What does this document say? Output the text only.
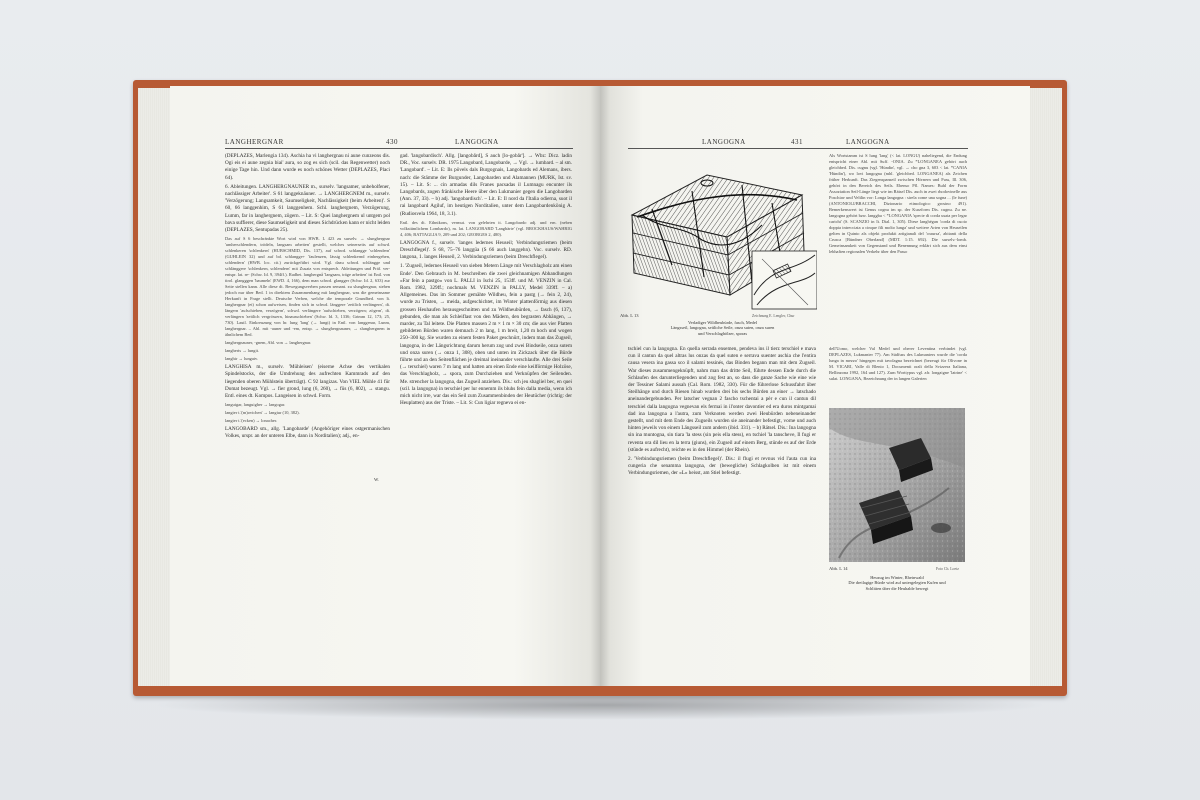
LANGHERGNAR	430	LANGOGNA
(DEPLAZES, Marlengia 134). Aschia ha vi langhergnau ni aune cunzeons dis. Ogi eis ei aune zegnia biai' aura, so zog es sich (scil. das Regenwetter) noch einige Tage hin. Und dann wurde es noch schönes Wetter (DEPLAZES, Placi 64).
6. Ableitungen. LANGHERGNAUNER m., surselv. 'langsamer, unbeholfener, nachlässiger Arbeiter'. S 61 langgeknäuner. → LANGHERGNEM m., surselv. 'Verzögerung; Langsamkeit, Saumseligkeit, Nachlässigkeit (beim Arbeiten)'. S 60, 66 langgenhim, S 61 langgenhem. Schl. langhergnem, Verzögerung, Lumm, far in langhergnem, zögern. – Lit. S: Quei langhergnem ul untgem pol bava suffierer, diese Saumseligkeit und dieses Sichdrücken kann er nicht leiden (DEPLAZES, Sentupadas 25).
Das auf S 6 beschränkte Wort wird von HWB. L 423 zu surselv. → slunghergnar 'umherschlendern, trödeln, langsam arbeiten' gestellt, welches seinerseits auf schwd. schlenkeren 'schlenkern' (HUBSCHMID, Dis. 137), auf schwd. schlangge 'schlendern' (GUHLEIN 32) und auf bd. schlangge+ 'faulenzen, lässig schlenkernd einhergehen, schlendern' (HWB. loc. cit.) zurückgeführt wird. Vgl. dazu schwd. schlängge und schlänggere 'schlenkern, schlendern' mit Zusatz von entsprech. Ableitungen und Präf. ver- entspr. lat. re- (Schw. Id. 9, 394ff.). Radbet. langhergnå 'langsam, träge arbeiten' ist Entl. von tirol. glangggen 'baumeln' (EWD. 4, 166), dem man schwd. glangger (Schw. Id. 2, 633) zur Seite stellen kann. Alle diese dt. Bewegungsverben passen semant. zu slunghergnar, stehen jedoch nur über Bed. 1 in direktem Zusammenhang mit langhergnar, was die gemeinsame Herkunft in Frage stellt. Deutsche Verben, welche die temporale Grundbed. von lt. langhergnar (et) schon aufweisen, finden sich in schwd. länggere 'zeitlich verlängern', dt. längern 'aufschieben, verzögern', schwd. verlängere 'aufschieben, verzögern; zögern', dt. verlängern 'zeitlich vergrössern, hinausschieben' (Schw. Id. 3, 1336; Grimm 12, 173; 25, 730). Lautl. Einkreuzung von hr. lung 'lang' (→ lungt) in Entl. von langgenar, Lunm, langhergnar. – Abl. mit -auner und -em, entsp. → slunghergnauner, → slunghergnem in ähnlichem Bed.
langhergnauner, -gnem, Abl. von → langhergnar.
langheris → lungit.
langhir → lungaiv.
LANGHISA m., surselv. 'Mühleisen' (eiserne Achse des vertikalen Spindelstocks, der die Umdrehung des aufrechten Kammrads auf den liegenden oberen Mühlstein überträgt). C 92 langizas. Von VIEL Mühle 41 für Domat bezeugt. Vgl. → fier grond, lung (6, 260), → füs (6, 802), → stangu. Entl. eines dt. Kompos. Langeisen in schwd. Form.
languigar, languigher → langogar.
langier t.'(m)ovichen' → langiur (10, 382).
langier t.'(ecken) → lonacher.
LANGOBARD sm., allg. 'Langobarde' (Angehöriger eines ostgermanischen Volkes, urspr. an der unteren Elbe, dann in Norditalien); adj., en-
gad. 'langobardisch'. Allg. [langobård], S auch [lo-gobår']. → Wbz: Dicz. ladin DR., Voc. surselv. DR. 1975 Langobard, Langobarde, → Vgl. → lumbard. – al sm. 'Langobard'. – Lit. E: Ils pövels dals Burgognais, Langobards ed Alemans, ibers. nach: die Stämme der Burgunder, Langobarden und Alamannen (MURK, Ist. sv. 15). – Lit. S: ... cin armadas dils Franes pacsadas il Lumnagu encunter ils Langobards, zogen fränkische Heere über den Lukmanier gegen die Langobarden (Ann. 37, 33). – b) adj. 'langobardisch'. – Lit. E: Il nord da l'Italia odierna, suot il rai langobard Agiluf, im heutigen Norditalien, unter dem Langobardenkönig A. (Rudiosvela 1964, 18, 3.1).
Entl. des dt. Ethnikons, vermut. von gelehrten it. Langobardo adj. und ern. (neben volkstümlichem Lombardo), m. lat. LANGOBARD 'Langbärte' (vgl. BROCKHAUS/WAHRIG 4, 406; BATTAGLIA 9, 209 und 202; GEORGES 2, 480).
LANGOGNA f., surselv. 'langes ledernes Heuseil; Verbindungsriemen (beim Dreschflegel)'. S 68, 75–76 langgüa (S 66 auch langgehn). Voc. surselv. RD. langona, 1. langes Heuseil, 2. Verbindungsriemen (beim Dreschflegel).
1. 'Zugseil, ledernes Heuseil von sieben Metern Länge mit Verschlagholz am einen Ende'. Den Gebrauch in M. beschreiben die zwei gleichnamigen Abhandlungen «Far fein a pastgo» von L. PALLI in Ischi 25, 153ff. und M. VENZIN in Cal. Rom. 1982, 329ff.; nochmals M. VENZIN in PALLY, Medel 339ff. – a) Allgemeines. Das im Sommer gemähte Wildheu, fein a pastg (→ fein 2, 24), wurde zu Tristen, → meida, aufgeschichtet, im Winter plattenförmig aus diesen grossen Heuhaufen herausgeschnitten und zu Wildheubürden, → fasch (6, 137), gebunden, die man als Schleiflast von den Mädern, den begrasten Abhängen, → marder, zu Tal leitete. Die Platten massen 2 m × 1 m × 30 cm; die aus vier Platten gebildeten Bürden waren demnach 2 m lang, 1 m breit, 1,20 m hoch und wogen 250–300 kg. Sie wurden zu einem festen Paket geschnürt, indem man das Zugseil, langogna, in der Längsrichtung darum herum zog und zwei Bindseile, onza sutem und onza suren (→ onza 1, 308), oben und unten im Zickzack über die Bürde führte und an den Seitenflächen je dreimal ineinander verschlaufte. Alle drei Seile (→ terschiel) waren 7 m lang und hatten am einen Ende eine keilförmige Holzöse, das Verschlagholz, → spora, zum Durchziehen und Verknüpfen der Seilenden. Me. strencher la langogna, das Zugseil anziehen. Dis.: sch jeu sbagliel bec, en quei (scil. la langogna) in terschiel per lur ennemm ils bluhs fein dalla media, wenn ich mich nicht irre, war das ein Seil zum Zusammenbinden der Heutücher (richtig: der Heuplatten) aus der Triste. – Lit. S: Cun ligiar regneva ei en-
W.
LANGOGNA	431	LANGOGNA
Abb. L 13	Zeichnung E. Lengler, Chur
Verladiger Wildheubürde, fasch, Medel
Längsseil, langogna, seitliche Seile, onza suten, onza suren
und Verschlaghölzer, sporas
tschiel cun la langogna. En quella serrada ensemen, pendeva ins il tierz terschiel e mava cun il cantun da quel altras lus onzas da quel suten e serrava suenter aschia che l'entira causa vesera ina gassa sco il salami tessinés, das Binden begann man mit dem Zugseil. War dieses zusammengeknüpft, nahm man das dritte Seil, führte dessen Ende durch die Schlaufen des darunterliegenden und zog fest an, so dass die ganze Sache wie eine wie der Tessiner Salami aussah (Cal. Rom. 1982, 330). Für die führerlose Schussfahrt über Steilhänge und durch Riesen hinab wurden drei bis sechs Bürden an einer → latschado aneinandergebunden. Per latscher vegnan 2 fascho tschentai a pèr e cun il cantun dil terschiel dalla langogna vegnevan els fermai in il'onter davontier ed era duros mintgamai dad ina langogna a l'autra, zum Verknoten werden zwei Heubürden nebeneinander gestellt, und mit dem Ende des Zugseils wurden sie aneinander befestigt, vorne und auch hinten jeweils von einem Längsseil zum andern (ibid. 331). – b) Rätsel. Dis.: Ina langogna sin ina muntogna, sin tiara 'la stess (sin peis ella stess), en tschiel 'la tanscheve, Il fugi er reventa ora dil lieu en la terra (giuns), ein Zugseil auf einem Berg, stünde es auf der Erde (stünde es aufrecht), reichte es in den Himmel (der Rhein).
2. 'Verbindungsriemen (beim Dreschflegel)'. Dis.: il flugi et revnus vid l'auta cun ina cungeria che senamma langogna, der (bewegliche) Schlagkolben ist mit einem Verbindungsriemen, der «L» heisst, am Stiel befestigt.
Als Wortstamm ist S lung 'lang' (< lat. LONGU) naheliegend, die Endung entspricht einer Abl. mit Suff. -ONIA. Zu *LONGANEA gehört auch gleichbed. Dis. cugnu (vgl. 'Hündin', vgl. → cho gna 3, 603 < lat. *CANIA 'Hündin'), wo lovi langogna (mhl. 'gleichbed. LONGANEA) als Zeichen früher Herkunft. Das Ziegenspanseil zwischen Hörnern und Fuss, Ill. 306, gehört in den Bereich des Seils. Ebenso Pfl. Names: Buhl der Form Assoziation Seil-Länge liegt wie im Rätsel Dis. auch in zwei rhodovinelle aus Poschiav und Veltlin vor: Longa langogna : sirela come una sogna ... (le fune) (ANTONIOLI/BRACCHI, Dizionario etimologico grosino 491). Bemerkenswert ist Genus cognu im sp. der Kurzform Dis. cugnu. Zu ne. langogna gehört bzw. langgba < *LONGANIA 'specie di corda usata per legar carichi' (S. SCANZIO in It. Dial. 1, 305). Diese langhëgan 'corda di cuoio doppia intrecciata a cinque fili molto lunga' und weitere Arten von Heuseilen gelten in Quinto als objekt produkti artigianali del 'craursa', abitanti della Crusca [Bündner Oberland] (MDT. 1:15. 692). Die surselv.-lomb. Gemeinsamkeit von Gegenstand und Benennung erklärt sich aus dem einst lebhaften regionalen Verkehr über den Passo
dell'Uomo, welcher Val Medel und oberer Leventina verbindet (vgl. DEPLAZES, Lukmanier 77). Am Südfuss des Lukmaniers wurde die 'corda lunga in mezzo' hingegen mit tavolagna bezeichnet (bezeugt für Olivone in M. VICARI, Valle di Blenio 1, Documenti orali della Svizzera Italiana, Bellinzona 1992, 164 und 127). Zum Worttypus vgl. afr. longaigne 'latrine' < sulat. LONGANA, Bezeichnung der in langen Galerien
Abb. L 14	Foto Ch. Loetz
Heuzug im Winter, Rheinwald
Die dreilagige Bürde wird auf untergelegten Kufen und
Schlitten über die Heuhalde bewegt
